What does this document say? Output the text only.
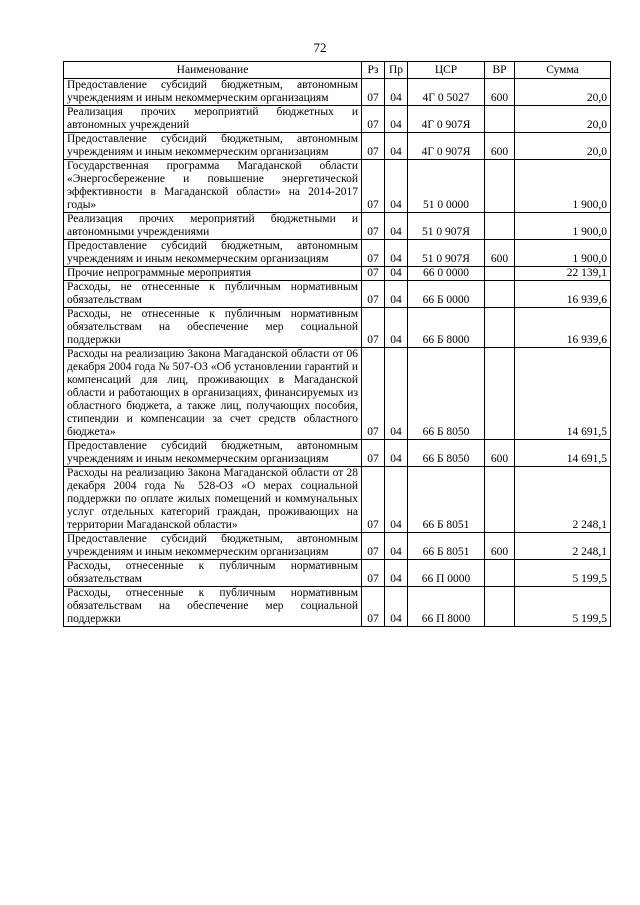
72
Наименование	Рз	Пр	ЦСР	ВР	Сумма
Предоставление субсидий бюджетным, автономным учреждениям и иным некоммерческим организациям	07	04	4Г 0 5027	600	20,0
Реализация прочих мероприятий бюджетных и автономных учреждений	07	04	4Г 0 907Я		20,0
Предоставление субсидий бюджетным, автономным учреждениям и иным некоммерческим организациям	07	04	4Г 0 907Я	600	20,0
Государственная программа Магаданской области «Энергосбережение и повышение энергетической эффективности в Магаданской области» на 2014-2017 годы»	07	04	51 0 0000		1 900,0
Реализация прочих мероприятий бюджетными и автономными учреждениями	07	04	51 0 907Я		1 900,0
Предоставление субсидий бюджетным, автономным учреждениям и иным некоммерческим организациям	07	04	51 0 907Я	600	1 900,0
Прочие непрограммные мероприятия	07	04	66 0 0000		22 139,1
Расходы, не отнесенные к публичным нормативным обязательствам	07	04	66 Б 0000		16 939,6
Расходы, не отнесенные к публичным нормативным обязательствам на обеспечение мер социальной поддержки	07	04	66 Б 8000		16 939,6
Расходы на реализацию Закона Магаданской области от 06 декабря 2004 года № 507-ОЗ «Об установлении гарантий и компенсаций для лиц, проживающих в Магаданской области и работающих в организациях, финансируемых из областного бюджета, а также лиц, получающих пособия, стипендии и компенсации за счет средств областного бюджета»	07	04	66 Б 8050		14 691,5
Предоставление субсидий бюджетным, автономным учреждениям и иным некоммерческим организациям	07	04	66 Б 8050	600	14 691,5
Расходы на реализацию Закона Магаданской области от 28 декабря 2004 года № 528-ОЗ «О мерах социальной поддержки по оплате жилых помещений и коммунальных услуг отдельных категорий граждан, проживающих на территории Магаданской области»	07	04	66 Б 8051		2 248,1
Предоставление субсидий бюджетным, автономным учреждениям и иным некоммерческим организациям	07	04	66 Б 8051	600	2 248,1
Расходы, отнесенные к публичным нормативным обязательствам	07	04	66 П 0000		5 199,5
Расходы, отнесенные к публичным нормативным обязательствам на обеспечение мер социальной поддержки	07	04	66 П 8000		5 199,5
